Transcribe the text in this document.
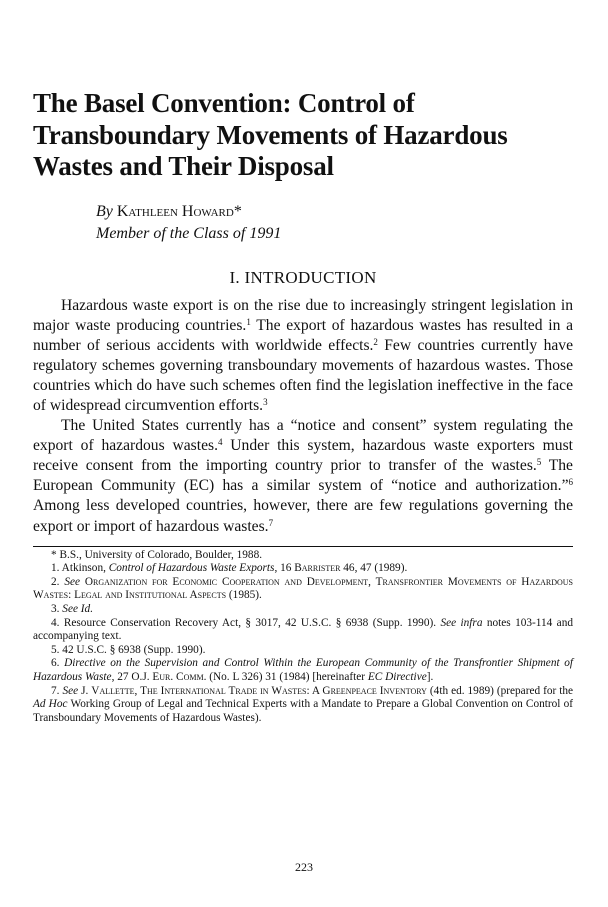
The Basel Convention: Control of
Transboundary Movements of Hazardous
Wastes and Their Disposal
By Kathleen Howard*
Member of the Class of 1991
I. INTRODUCTION

Hazardous waste export is on the rise due to increasingly stringent legislation in major waste producing countries.$^1$ The export of hazardous wastes has resulted in a number of serious accidents with worldwide effects.$^2$ Few countries currently have regulatory schemes governing transboundary movements of hazardous wastes. Those countries which do have such schemes often find the legislation ineffective in the face of widespread circumvention efforts.$^3$

The United States currently has a “notice and consent” system regulating the export of hazardous wastes.$^4$ Under this system, hazardous waste exporters must receive consent from the importing country prior to transfer of the wastes.$^5$ The European Community (EC) has a similar system of “notice and authorization.”$^6$ Among less developed countries, however, there are few regulations governing the export or import of hazardous wastes.$^7$

* B.S., University of Colorado, Boulder, 1988.

1. Atkinson, Control of Hazardous Waste Exports, 16 Barrister 46, 47 (1989).

2. See Organization for Economic Cooperation and Development, Transfrontier Movements of Hazardous Wastes: Legal and Institutional Aspects (1985).

3. See Id.

4. Resource Conservation Recovery Act, § 3017, 42 U.S.C. § 6938 (Supp. 1990). See infra notes 103-114 and accompanying text.

5. 42 U.S.C. § 6938 (Supp. 1990).

6. Directive on the Supervision and Control Within the European Community of the Transfrontier Shipment of Hazardous Waste, 27 O.J. Eur. Comm. (No. L 326) 31 (1984) [hereinafter EC Directive].

7. See J. Vallette, The International Trade in Wastes: A Greenpeace Inventory (4th ed. 1989) (prepared for the Ad Hoc Working Group of Legal and Technical Experts with a Mandate to Prepare a Global Convention on Control of Transboundary Movements of Hazardous Wastes).

223
